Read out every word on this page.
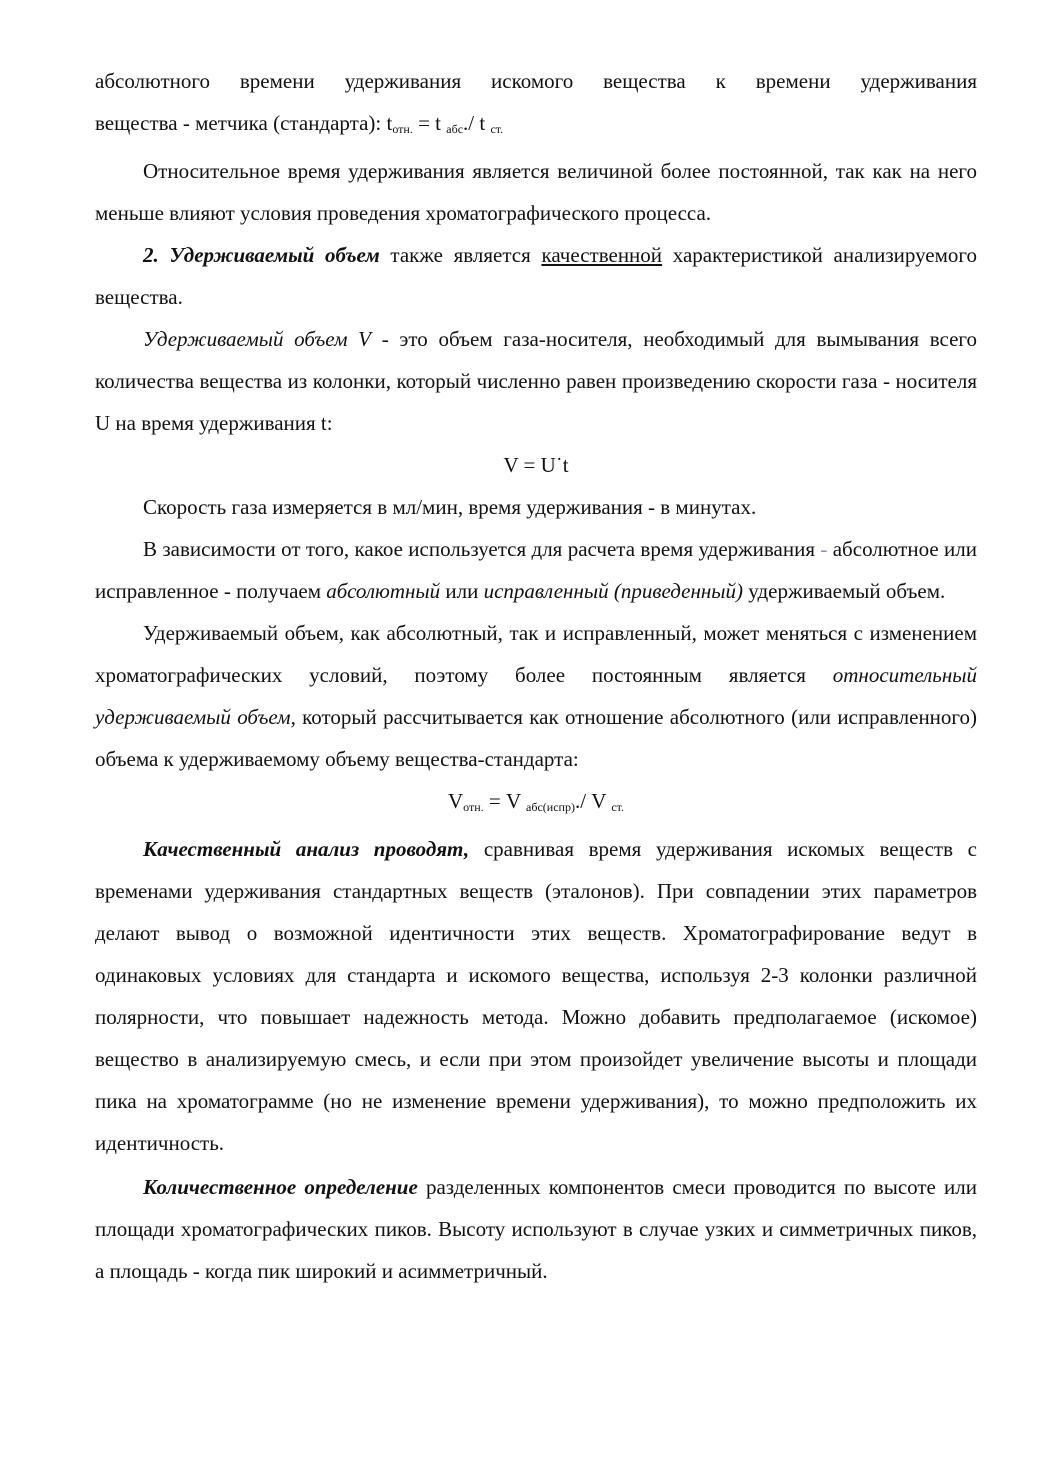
абсолютного времени удерживания искомого вещества к времени удерживания

вещества - метчика (стандарта): $t_{отн.} = t$ $_{абс}$./ t $_{ст.}$

Относительное время удерживания является величиной более постоянной, так как на него меньше влияют условия проведения хроматографического процесса.

2. Удерживаемый объем также является качественной характеристикой анализируемого вещества.

Удерживаемый объем V - это объем газа-носителя, необходимый для вымывания всего количества вещества из колонки, который численно равен произведению скорости газа - носителя U на время удерживания t:

V = U˙t

Скорость газа измеряется в мл/мин, время удерживания - в минутах.

В зависимости от того, какое используется для расчета время удерживания - абсолютное или исправленное - получаем абсолютный или исправленный (приведенный) удерживаемый объем.

Удерживаемый объем, как абсолютный, так и исправленный, может меняться с изменением хроматографических условий, поэтому более постоянным является относительный удерживаемый объем, который рассчитывается как отношение абсолютного (или исправленного) объема к удерживаемому объему вещества-стандарта:

$V_{отн.} = V$ $_{абс(испр)}$./ V $_{ст.}$

Качественный анализ проводят, сравнивая время удерживания искомых веществ с временами удерживания стандартных веществ (эталонов). При совпадении этих параметров делают вывод о возможной идентичности этих веществ. Хроматографирование ведут в одинаковых условиях для стандарта и искомого вещества, используя 2-3 колонки различной полярности, что повышает надежность метода. Можно добавить предполагаемое (искомое) вещество в анализируемую смесь, и если при этом произойдет увеличение высоты и площади пика на хроматограмме (но не изменение времени удерживания), то можно предположить их идентичность.

Количественное определение разделенных компонентов смеси проводится по высоте или площади хроматографических пиков. Высоту используют в случае узких и симметричных пиков, а площадь - когда пик широкий и асимметричный.
